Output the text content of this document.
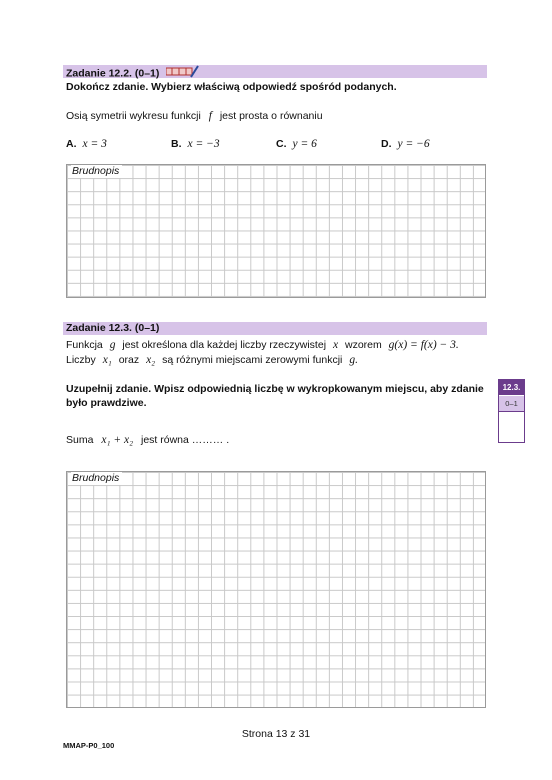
Zadanie 12.2. (0–1)
Dokończ zdanie. Wybierz właściwą odpowiedź spośród podanych.
Osią symetrii wykresu funkcji f jest prosta o równaniu
A. x = 3	B. x = −3	C. y = 6	D. y = −6
Brudnopis
Zadanie 12.3. (0–1)
Funkcja g jest określona dla każdej liczby rzeczywistej x wzorem g(x) = f(x) − 3.
Liczby x₁ oraz x₂ są różnymi miejscami zerowymi funkcji g.
Uzupełnij zdanie. Wpisz odpowiednią liczbę w wykropkowanym miejscu, aby zdanie
było prawdziwe.
Suma x₁ + x₂ jest równa ……… .
Brudnopis
12.3.
0–1
Strona 13 z 31
MMAP-P0_100
